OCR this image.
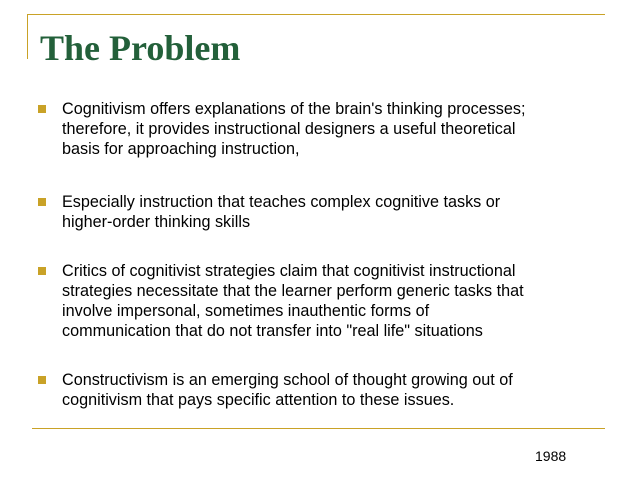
The Problem
Cognitivism offers explanations of the brain's thinking processes;
therefore, it provides instructional designers a useful theoretical
basis for approaching instruction,
Especially instruction that teaches complex cognitive tasks or
higher-order thinking skills
Critics of cognitivist strategies claim that cognitivist instructional
strategies necessitate that the learner perform generic tasks that
involve impersonal, sometimes inauthentic forms of
communication that do not transfer into "real life" situations
Constructivism is an emerging school of thought growing out of
cognitivism that pays specific attention to these issues.
1988
